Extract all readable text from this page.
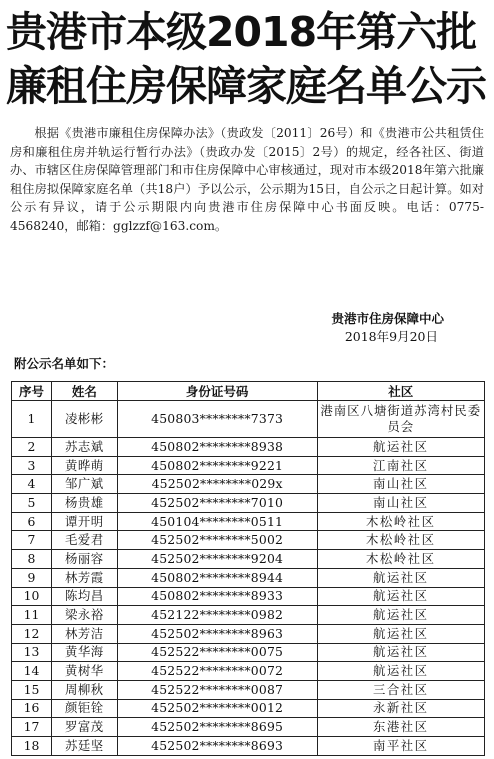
贵港市本级2018年第六批
廉租住房保障家庭名单公示

根据《贵港市廉租住房保障办法》（贵政发〔2011〕26号）和《贵港市公共租赁住房和廉租住房并轨运行暂行办法》（贵政办发〔2015〕2号）的规定，经各社区、街道办、市辖区住房保障管理部门和市住房保障中心审核通过，现对市本级2018年第六批廉租住房拟保障家庭名单（共18户）予以公示，公示期为15日，自公示之日起计算。如对公示有异议，请于公示期限内向贵港市住房保障中心书面反映。电话：0775-4568240，邮箱：gglzzf@163.com。

贵港市住房保障中心
2018年9月20日
附公示名单如下：
序号	姓名	身份证号码	社区
1	凌彬彬	450803********7373	港南区八塘街道苏湾村民委员会
2	苏志斌	450802********8938	航运社区
3	黄晔萌	450802********9221	江南社区
4	邹广斌	452502********029x	南山社区
5	杨贵雄	452502********7010	南山社区
6	谭开明	450104********0511	木松岭社区
7	毛爱君	452502********5002	木松岭社区
8	杨丽容	452502********9204	木松岭社区
9	林芳霞	450802********8944	航运社区
10	陈均昌	450802********8933	航运社区
11	梁永裕	452122********0982	航运社区
12	林芳洁	452502********8963	航运社区
13	黄华海	452522********0075	航运社区
14	黄树华	452522********0072	航运社区
15	周柳秋	452522********0087	三合社区
16	颜钜铨	452502********0012	永新社区
17	罗富茂	452502********8695	东港社区
18	苏廷坚	452502********8693	南平社区
